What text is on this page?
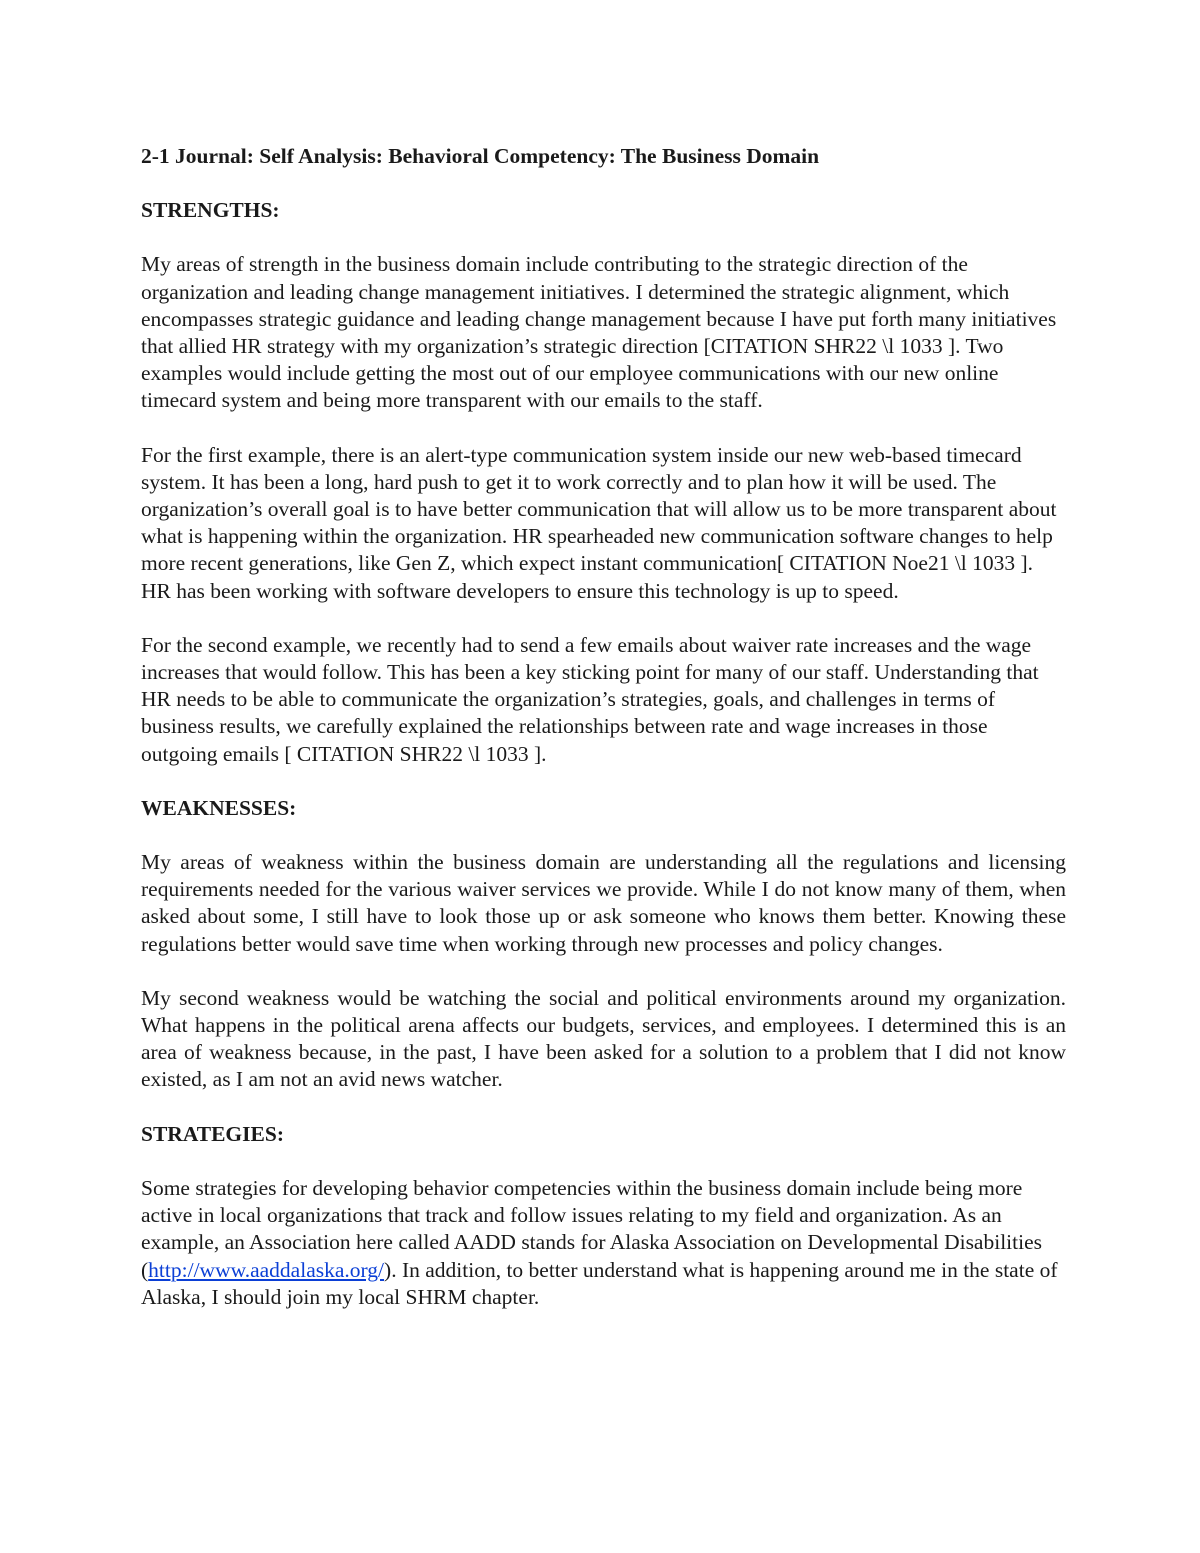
2-1 Journal: Self Analysis: Behavioral Competency: The Business Domain
STRENGTHS:

My areas of strength in the business domain include contributing to the strategic direction of the organization and leading change management initiatives. I determined the strategic alignment, which encompasses strategic guidance and leading change management because I have put forth many initiatives that allied HR strategy with my organization’s strategic direction [CITATION SHR22 \l 1033 ]. Two examples would include getting the most out of our employee communications with our new online timecard system and being more transparent with our emails to the staff.

For the first example, there is an alert-type communication system inside our new web-based timecard system. It has been a long, hard push to get it to work correctly and to plan how it will be used. The organization’s overall goal is to have better communication that will allow us to be more transparent about what is happening within the organization. HR spearheaded new communication software changes to help more recent generations, like Gen Z, which expect instant communication[ CITATION Noe21 \l 1033 ]. HR has been working with software developers to ensure this technology is up to speed.

For the second example, we recently had to send a few emails about waiver rate increases and the wage increases that would follow. This has been a key sticking point for many of our staff. Understanding that HR needs to be able to communicate the organization’s strategies, goals, and challenges in terms of business results, we carefully explained the relationships between rate and wage increases in those outgoing emails [ CITATION SHR22 \l 1033 ].

WEAKNESSES:

My areas of weakness within the business domain are understanding all the regulations and licensing requirements needed for the various waiver services we provide. While I do not know many of them, when asked about some, I still have to look those up or ask someone who knows them better. Knowing these regulations better would save time when working through new processes and policy changes.

My second weakness would be watching the social and political environments around my organization. What happens in the political arena affects our budgets, services, and employees. I determined this is an area of weakness because, in the past, I have been asked for a solution to a problem that I did not know existed, as I am not an avid news watcher.

STRATEGIES:

Some strategies for developing behavior competencies within the business domain include being more active in local organizations that track and follow issues relating to my field and organization. As an example, an Association here called AADD stands for Alaska Association on Developmental Disabilities (http://www.aaddalaska.org/). In addition, to better understand what is happening around me in the state of Alaska, I should join my local SHRM chapter.
